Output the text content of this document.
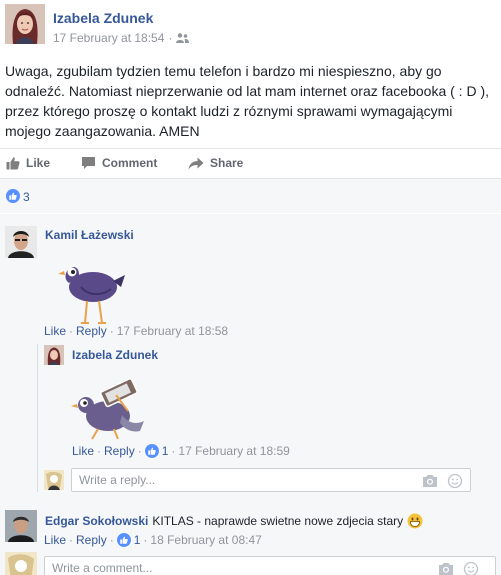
Izabela Zdunek
17 February at 18:54 ·
Uwaga, zgubilam tydzien temu telefon i bardzo mi niespieszno, aby go odnaleźć. Natomiast nieprzerwanie od lat mam internet oraz facebooka ( : D ), przez którego proszę o kontakt ludzi z róznymi sprawami wymagającymi mojego zaangazowania. AMEN
Like	Comment	Share
3
Kamil Łażewski
Like · Reply · 17 February at 18:58
Izabela Zdunek
Like · Reply · 1 · 17 February at 18:59
Write a reply...
Edgar Sokołowski KITLAS - naprawde swietne nowe zdjecia stary
Like · Reply · 1 · 18 February at 08:47
Write a comment...
